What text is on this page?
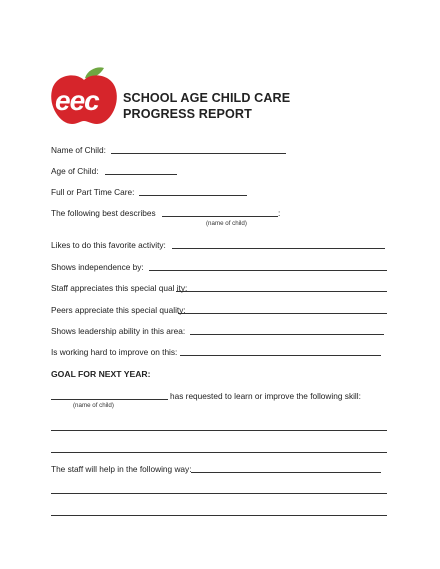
eec SCHOOL AGE CHILD CARE
PROGRESS REPORT
Name of Child:
Age of Child:
Full or Part Time Care:
The following best describes	:
(name of child)
Likes to do this favorite activity:
Shows independence by:
Staff appreciates this special qual ity:
Peers appreciate this special quality:
Shows leadership ability in this area:
Is working hard to improve on this:
GOAL FOR NEXT YEAR:
has requested to learn or improve the following skill:
(name of child)
The staff will help in the following way:
